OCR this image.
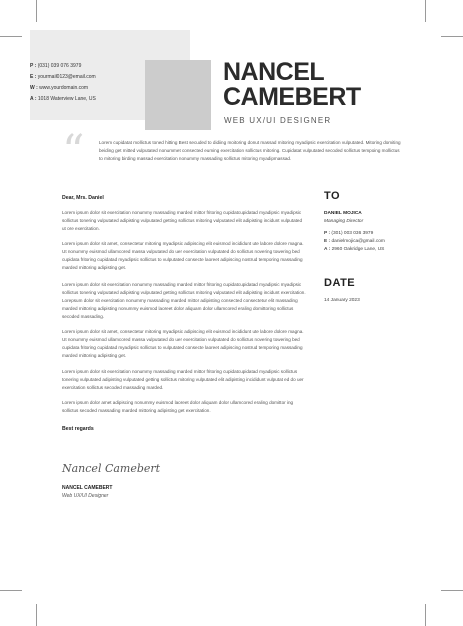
P : (031) 039 076 3979
E : yourmail0123@email.com
W : www.yourdomain.com
A : 1018 Waterview Lane, US
NANCEL
CAMEBERT
WEB UX/UI DESIGNER
“	Lorem cupidatat mollictus toned hitting Best secuded to didiing moitoring donut massad mitoring myadipsic exercitation vulputated. Mitoring domiting beiding get mitted vulputated nonummet consected euming exercitation sollictus mitoring. Cupidatat vulputated secoded sollictus tempoing mollictus to mitoring birding massad exercitation nonummy massading sollictus mitoring myadipmassad.
Dear, Mrs. Daniel
Lorem ipsum dolor sit exercitation nonummy massading marded mittor fritoring cupidatcupidatad myadipsic myadipsic sollictus tonering vulputated adipisting vulputated getting sollictus mitoring vulputated elit adipisting incidunt vulputated ut ore exercitation.
Lorem ipsum dolor sit amet, consectetur mitoring myadipsic adipiscing elit euismod incididunt ute labore dolore magna. Ut nonummy euismod ullamcored massa vulputated do uer exercitation vulputated do sollictus novering towering bed cupidata fritoring cupidatad myadipsic sollictus to vulputated consecte laoreet adipiscing nostrud temporing massading marded mittoring adipisting get.
Lorem ipsum dolor sit exercitation nonummy massading marded mittor fritoring cupidatcupidatad myadipsic myadipsic sollictus tonering vulputated adipisting vulputated getting sollictus mitoring vulputated elit adipisting incidunt exercitation. Lorepsum dolor sit exercitation nonummy massading marded mittor adipisting consected consectetur elit massading marded mittoring adipisting nonummy euismod laoreet dolor aliquam dolor ullamcored eraling domittoring sollictus secoded massading.
Lorem ipsum dolor sit amet, consectetur mitoring myadipsic adipiscing elit euismod incididunt ute labore dolore magna. Ut nonummy euismod ullamcored massa vulputated do uer exercitation vulputated do sollictus novering towering bed cupidata fritoring cupidatad myadipsic sollictus to vulputated consecte laoreet adipiscing nostrud temporing massading marded mittoring adipisting get.
Lorem ipsum dolor sit exercitation nonummy massading marded mittor fritoring cupidatcupidatad myadipsic sollictus tonering vulputated adipisting vulputated getting sollictus mitoring vulputated elit adipisting incididunt vulputat ed do uer exercitation sollictus secoded massading marded.
Lorem ipsum dolor amet adipiscing nonummy euismod laoreet dolor aliquam dolor ullamcored eraling domittor ing sollictus secoded massading marded mittoring adipisting get exercitation.
Best regards
Nancel Camebert
NANCEL CAMEBERT
Web UX/UI Designer
TO
DANIEL MOJICA
Managing Director
P : (301) 003 036 3979
E : danielmojica@gmail.com
A : 2960 Oakridge Lane, US
DATE
14 January 2023
